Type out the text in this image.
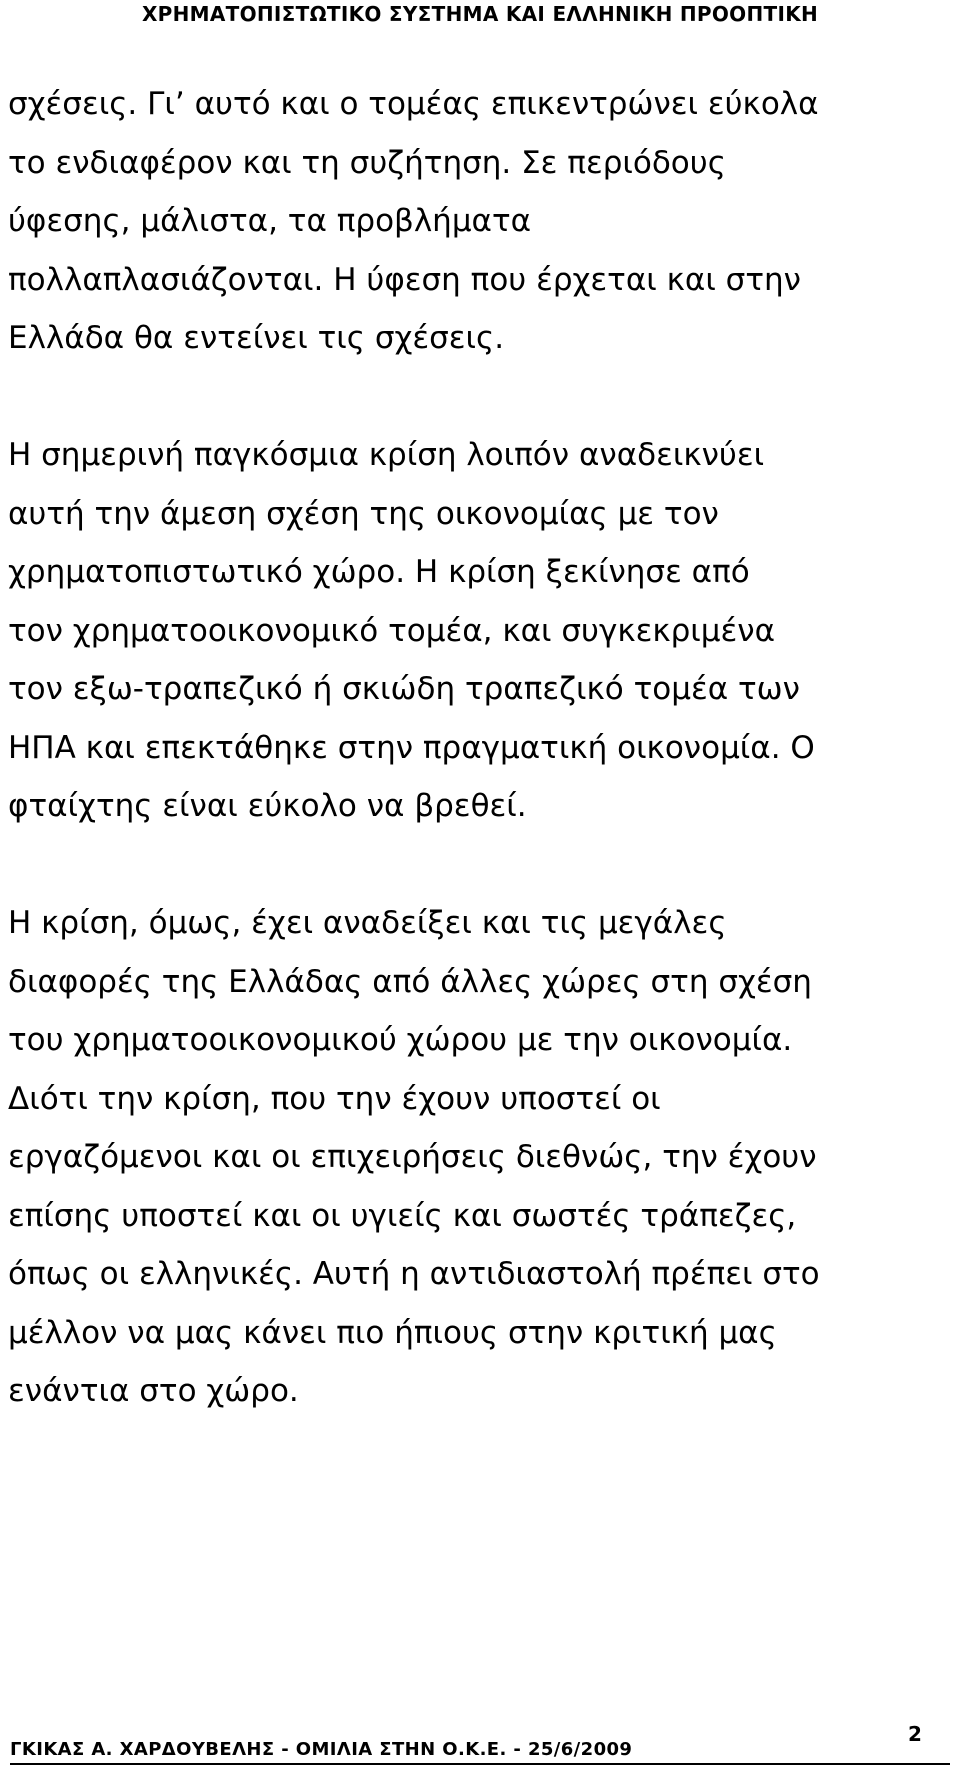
ΧΡΗΜΑΤΟΠΙΣΤΩΤΙΚΟ ΣΥΣΤΗΜΑ ΚΑΙ ΕΛΛΗΝΙΚΗ ΠΡΟΟΠΤΙΚΗ
σχέσεις. Γι’ αυτό και ο τομέας επικεντρώνει εύκολα
το ενδιαφέρον και τη συζήτηση. Σε περιόδους
ύφεσης, μάλιστα, τα προβλήματα
πολλαπλασιάζονται. Η ύφεση που έρχεται και στην
Ελλάδα θα εντείνει τις σχέσεις.
Η σημερινή παγκόσμια κρίση λοιπόν αναδεικνύει
αυτή την άμεση σχέση της οικονομίας με τον
χρηματοπιστωτικό χώρο. Η κρίση ξεκίνησε από
τον χρηματοοικονομικό τομέα, και συγκεκριμένα
τον εξω-τραπεζικό ή σκιώδη τραπεζικό τομέα των
ΗΠΑ και επεκτάθηκε στην πραγματική οικονομία. Ο
φταίχτης είναι εύκολο να βρεθεί.
Η κρίση, όμως, έχει αναδείξει και τις μεγάλες
διαφορές της Ελλάδας από άλλες χώρες στη σχέση
του χρηματοοικονομικού χώρου με την οικονομία.
Διότι την κρίση, που την έχουν υποστεί οι
εργαζόμενοι και οι επιχειρήσεις διεθνώς, την έχουν
επίσης υποστεί και οι υγιείς και σωστές τράπεζες,
όπως οι ελληνικές. Αυτή η αντιδιαστολή πρέπει στο
μέλλον να μας κάνει πιο ήπιους στην κριτική μας
ενάντια στο χώρο.
2
ΓΚΙΚΑΣ Α. ΧΑΡΔΟΥΒΕΛΗΣ - ΟΜΙΛΙΑ ΣΤΗΝ Ο.Κ.Ε. - 25/6/2009
